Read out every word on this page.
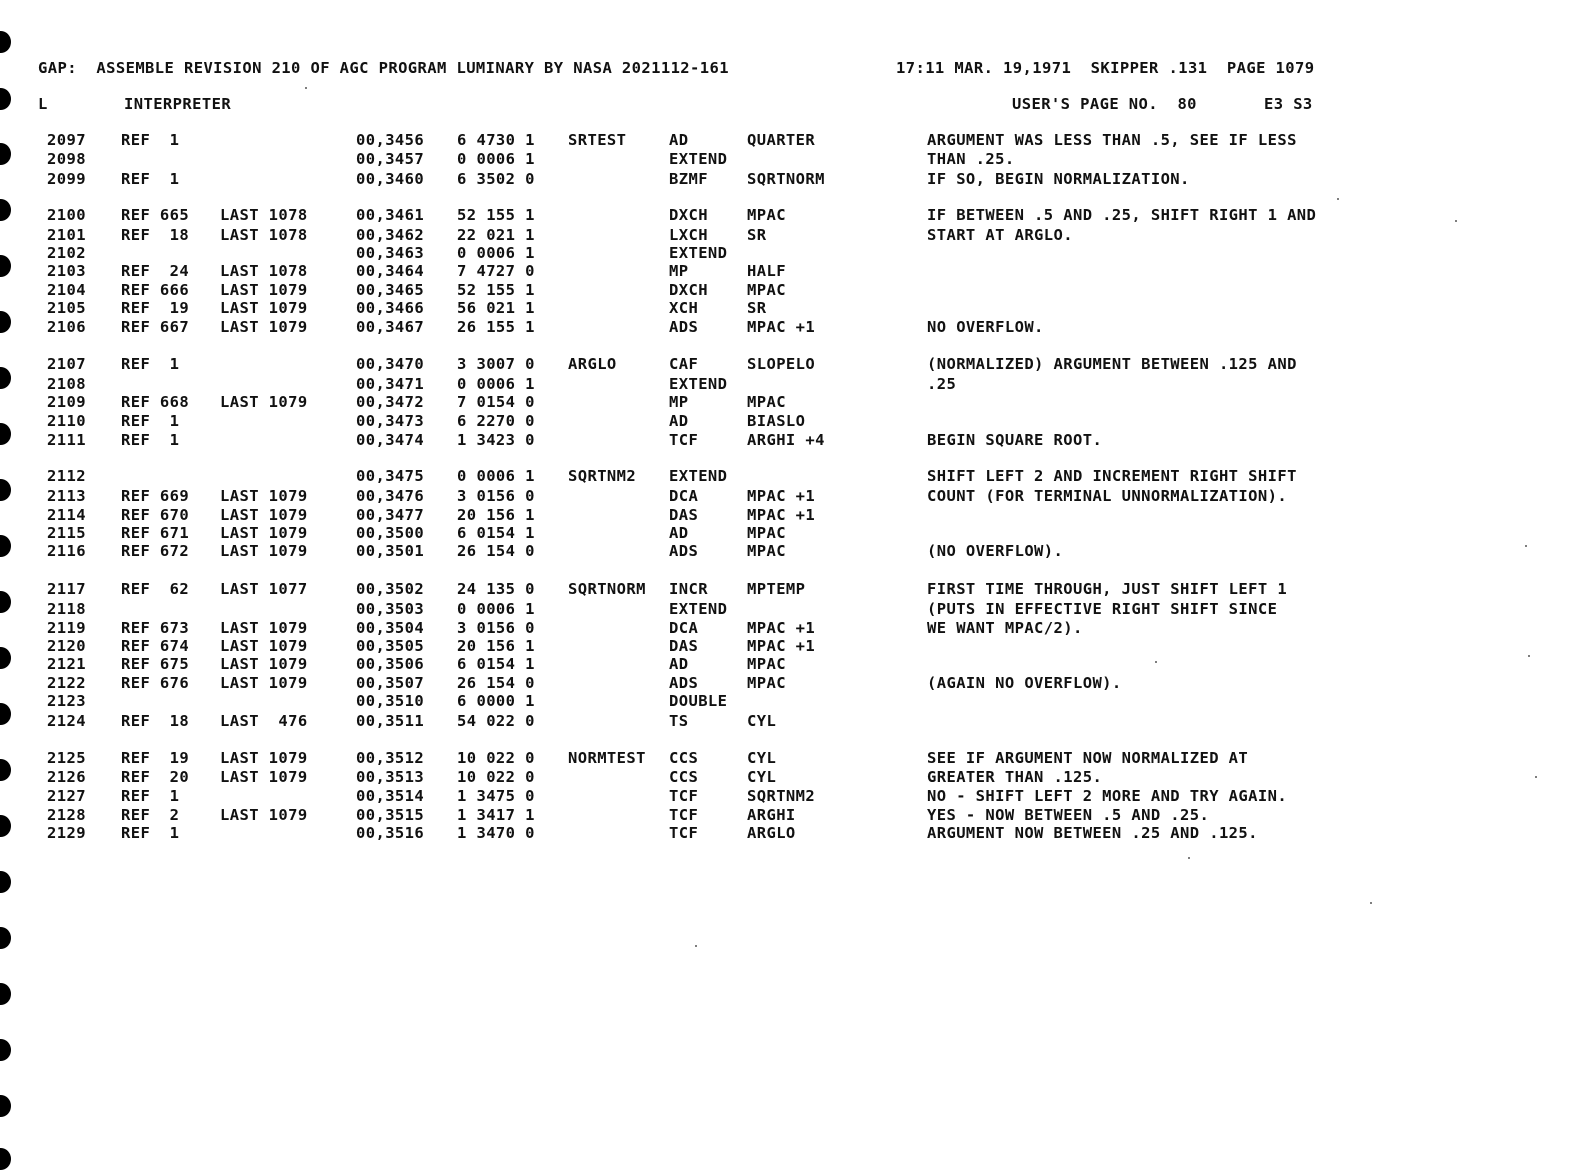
GAP:  ASSEMBLE REVISION 210 OF AGC PROGRAM LUMINARY BY NASA 2021112-161

	17:11 MAR. 19,1971  SKIPPER .131  PAGE 1079

L

	INTERPRETER

	USER'S PAGE NO.  80

	E3 S3

2097 REF  1	00,3456 6 4730 1 SRTEST	AD	QUARTER	ARGUMENT WAS LESS THAN .5, SEE IF LESS
2098	00,3457 0 0006 1	EXTEND	THAN .25.
2099 REF  1	00,3460 6 3502 0	BZMF	SQRTNORM	IF SO, BEGIN NORMALIZATION.
2100 REF 665 LAST 1078	00,3461 52 155 1	DXCH	MPAC	IF BETWEEN .5 AND .25, SHIFT RIGHT 1 AND
2101 REF  18 LAST 1078	00,3462 22 021 1	LXCH	SR	START AT ARGLO.
2102	00,3463 0 0006 1	EXTEND
2103 REF  24 LAST 1078	00,3464 7 4727 0	MP	HALF
2104 REF 666 LAST 1079	00,3465 52 155 1	DXCH	MPAC
2105 REF  19 LAST 1079	00,3466 56 021 1	XCH	SR
2106 REF 667 LAST 1079	00,3467 26 155 1	ADS	MPAC +1	NO OVERFLOW.
2107 REF  1	00,3470 3 3007 0 ARGLO	CAF	SLOPELO	(NORMALIZED) ARGUMENT BETWEEN .125 AND
2108	00,3471 0 0006 1	EXTEND	.25
2109 REF 668 LAST 1079	00,3472 7 0154 0	MP	MPAC
2110 REF  1	00,3473 6 2270 0	AD	BIASLO
2111 REF  1	00,3474 1 3423 0	TCF	ARGHI +4	BEGIN SQUARE ROOT.
2112	00,3475 0 0006 1 SQRTNM2 EXTEND	SHIFT LEFT 2 AND INCREMENT RIGHT SHIFT
2113 REF 669 LAST 1079	00,3476 3 0156 0	DCA	MPAC +1	COUNT (FOR TERMINAL UNNORMALIZATION).
2114 REF 670 LAST 1079	00,3477 20 156 1	DAS	MPAC +1
2115 REF 671 LAST 1079	00,3500 6 0154 1	AD	MPAC
2116 REF 672 LAST 1079	00,3501 26 154 0	ADS	MPAC	(NO OVERFLOW).
2117 REF  62 LAST 1077	00,3502 24 135 0 SQRTNORM INCR	MPTEMP	FIRST TIME THROUGH, JUST SHIFT LEFT 1
2118	00,3503 0 0006 1	EXTEND	(PUTS IN EFFECTIVE RIGHT SHIFT SINCE
2119 REF 673 LAST 1079	00,3504 3 0156 0	DCA	MPAC +1	WE WANT MPAC/2).
2120 REF 674 LAST 1079	00,3505 20 156 1	DAS	MPAC +1
2121 REF 675 LAST 1079	00,3506 6 0154 1	AD	MPAC
2122 REF 676 LAST 1079	00,3507 26 154 0	ADS	MPAC	(AGAIN NO OVERFLOW).
2123	00,3510 6 0000 1	DOUBLE
2124 REF  18 LAST  476	00,3511 54 022 0	TS	CYL
2125 REF  19 LAST 1079	00,3512 10 022 0 NORMTEST CCS	CYL	SEE IF ARGUMENT NOW NORMALIZED AT
2126 REF  20 LAST 1079	00,3513 10 022 0	CCS	CYL	GREATER THAN .125.
2127 REF  1	00,3514 1 3475 0	TCF	SQRTNM2	NO - SHIFT LEFT 2 MORE AND TRY AGAIN.
2128 REF  2	LAST 1079	00,3515 1 3417 1	TCF	ARGHI	YES - NOW BETWEEN .5 AND .25.
2129 REF  1	00,3516 1 3470 0	TCF	ARGLO	ARGUMENT NOW BETWEEN .25 AND .125.
